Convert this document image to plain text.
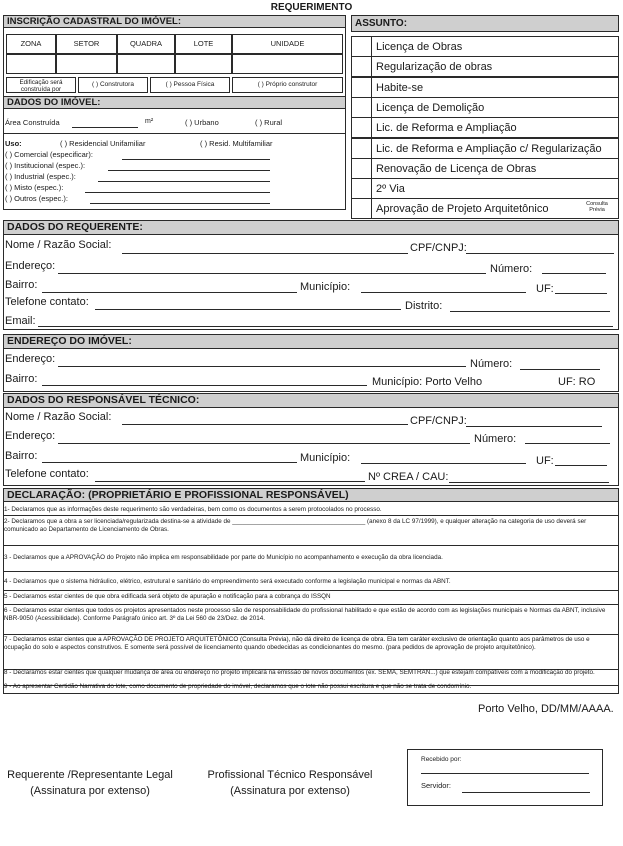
REQUERIMENTO
INSCRIÇÃO CADASTRAL DO IMÓVEL:
ZONA	SETOR	QUADRA	LOTE	UNIDADE
Edificação será construída por
( ) Construtora	( ) Pessoa Física	( ) Próprio construtor
DADOS DO IMÓVEL:
Área Construída	m²	( ) Urbano	( ) Rural
Uso:	( ) Residencial Unifamiliar	( ) Resid. Multifamiliar
( ) Comercial (especificar):
( ) Institucional (espec.):
( ) Industrial (espec.):
( ) Misto (espec.):
( ) Outros (espec.):
ASSUNTO:
Licença de Obras
Regularização de obras
Habite-se
Licença de Demolição
Lic. de Reforma e Ampliação
Lic. de Reforma e Ampliação c/ Regularização
Renovação de Licença de Obras
2º Via
Aprovação de Projeto Arquitetônico	Consulta Prévia
DADOS DO REQUERENTE:
Nome / Razão Social:	CPF/CNPJ:
Endereço:	Número:
Bairro:	Município:	UF:
Telefone contato:	Distrito:
Email:
ENDEREÇO DO IMÓVEL:
Endereço:	Número:
Bairro:	Município: Porto Velho	UF: RO
DADOS DO RESPONSÁVEL TÉCNICO:
Nome / Razão Social:	CPF/CNPJ:
Endereço:	Número:
Bairro:	Município:	UF:
Telefone contato:	Nº CREA / CAU:
DECLARAÇÃO: (PROPRIETÁRIO E PROFISSIONAL RESPONSÁVEL)
1- Declaramos que as informações deste requerimento são verdadeiras, bem como os documentos a serem protocolados no processo.
2- Declaramos que a obra a ser licenciada/regularizada destina-se a atividade de ______________________________________ (anexo 8 da LC 97/1999), e qualquer alteração na categoria de uso deverá ser comunicado ao Departamento de Licenciamento de Obras.
3 - Declaramos que a APROVAÇÃO do Projeto não implica em responsabilidade por parte do Município no acompanhamento e execução da obra licenciada.
4 - Declaramos que o sistema hidráulico, elétrico, estrutural e sanitário do empreendimento será executado conforme a legislação municipal e normas da ABNT.
5 - Declaramos estar cientes de que obra edificada será objeto de apuração e notificação para a cobrança do ISSQN
6 - Declaramos estar cientes que todos os projetos apresentados neste processo são de responsabilidade do profissional habilitado e que estão de acordo com as legislações municipais e Normas da ABNT, inclusive NBR-9050 (Acessibilidade). Conforme Parágrafo único art. 3º da Lei 560 de 23/Dez. de 2014.
7 - Declaramos estar cientes que a APROVAÇÃO DE PROJETO ARQUITETÔNICO (Consulta Prévia), não dá direito de licença de obra. Ela tem caráter exclusivo de orientação quanto aos parâmetros de uso e ocupação do solo e aspectos construtivos. E somente será possível de licenciamento quando obedecidas as condicionantes do mesmo. (para pedidos de aprovação de projeto arquitetônico).
8 - Declaramos estar cientes que qualquer mudança de área ou endereço no projeto implicará na emissão de novos documentos (ex. SEMA, SEMTRAN...) que estejam compatíveis com a modificação do projeto.
9 - Ao apresentar Certidão Narrativa do lote, como documento de propriedade do imóvel, declaramos que o lote não possui escritura e que não se trata de condomínio.
Porto Velho, DD/MM/AAAA.
Requerente /Representante Legal
(Assinatura por extenso)
Profissional Técnico Responsável
(Assinatura por extenso)
Recebido por:
Servidor:
